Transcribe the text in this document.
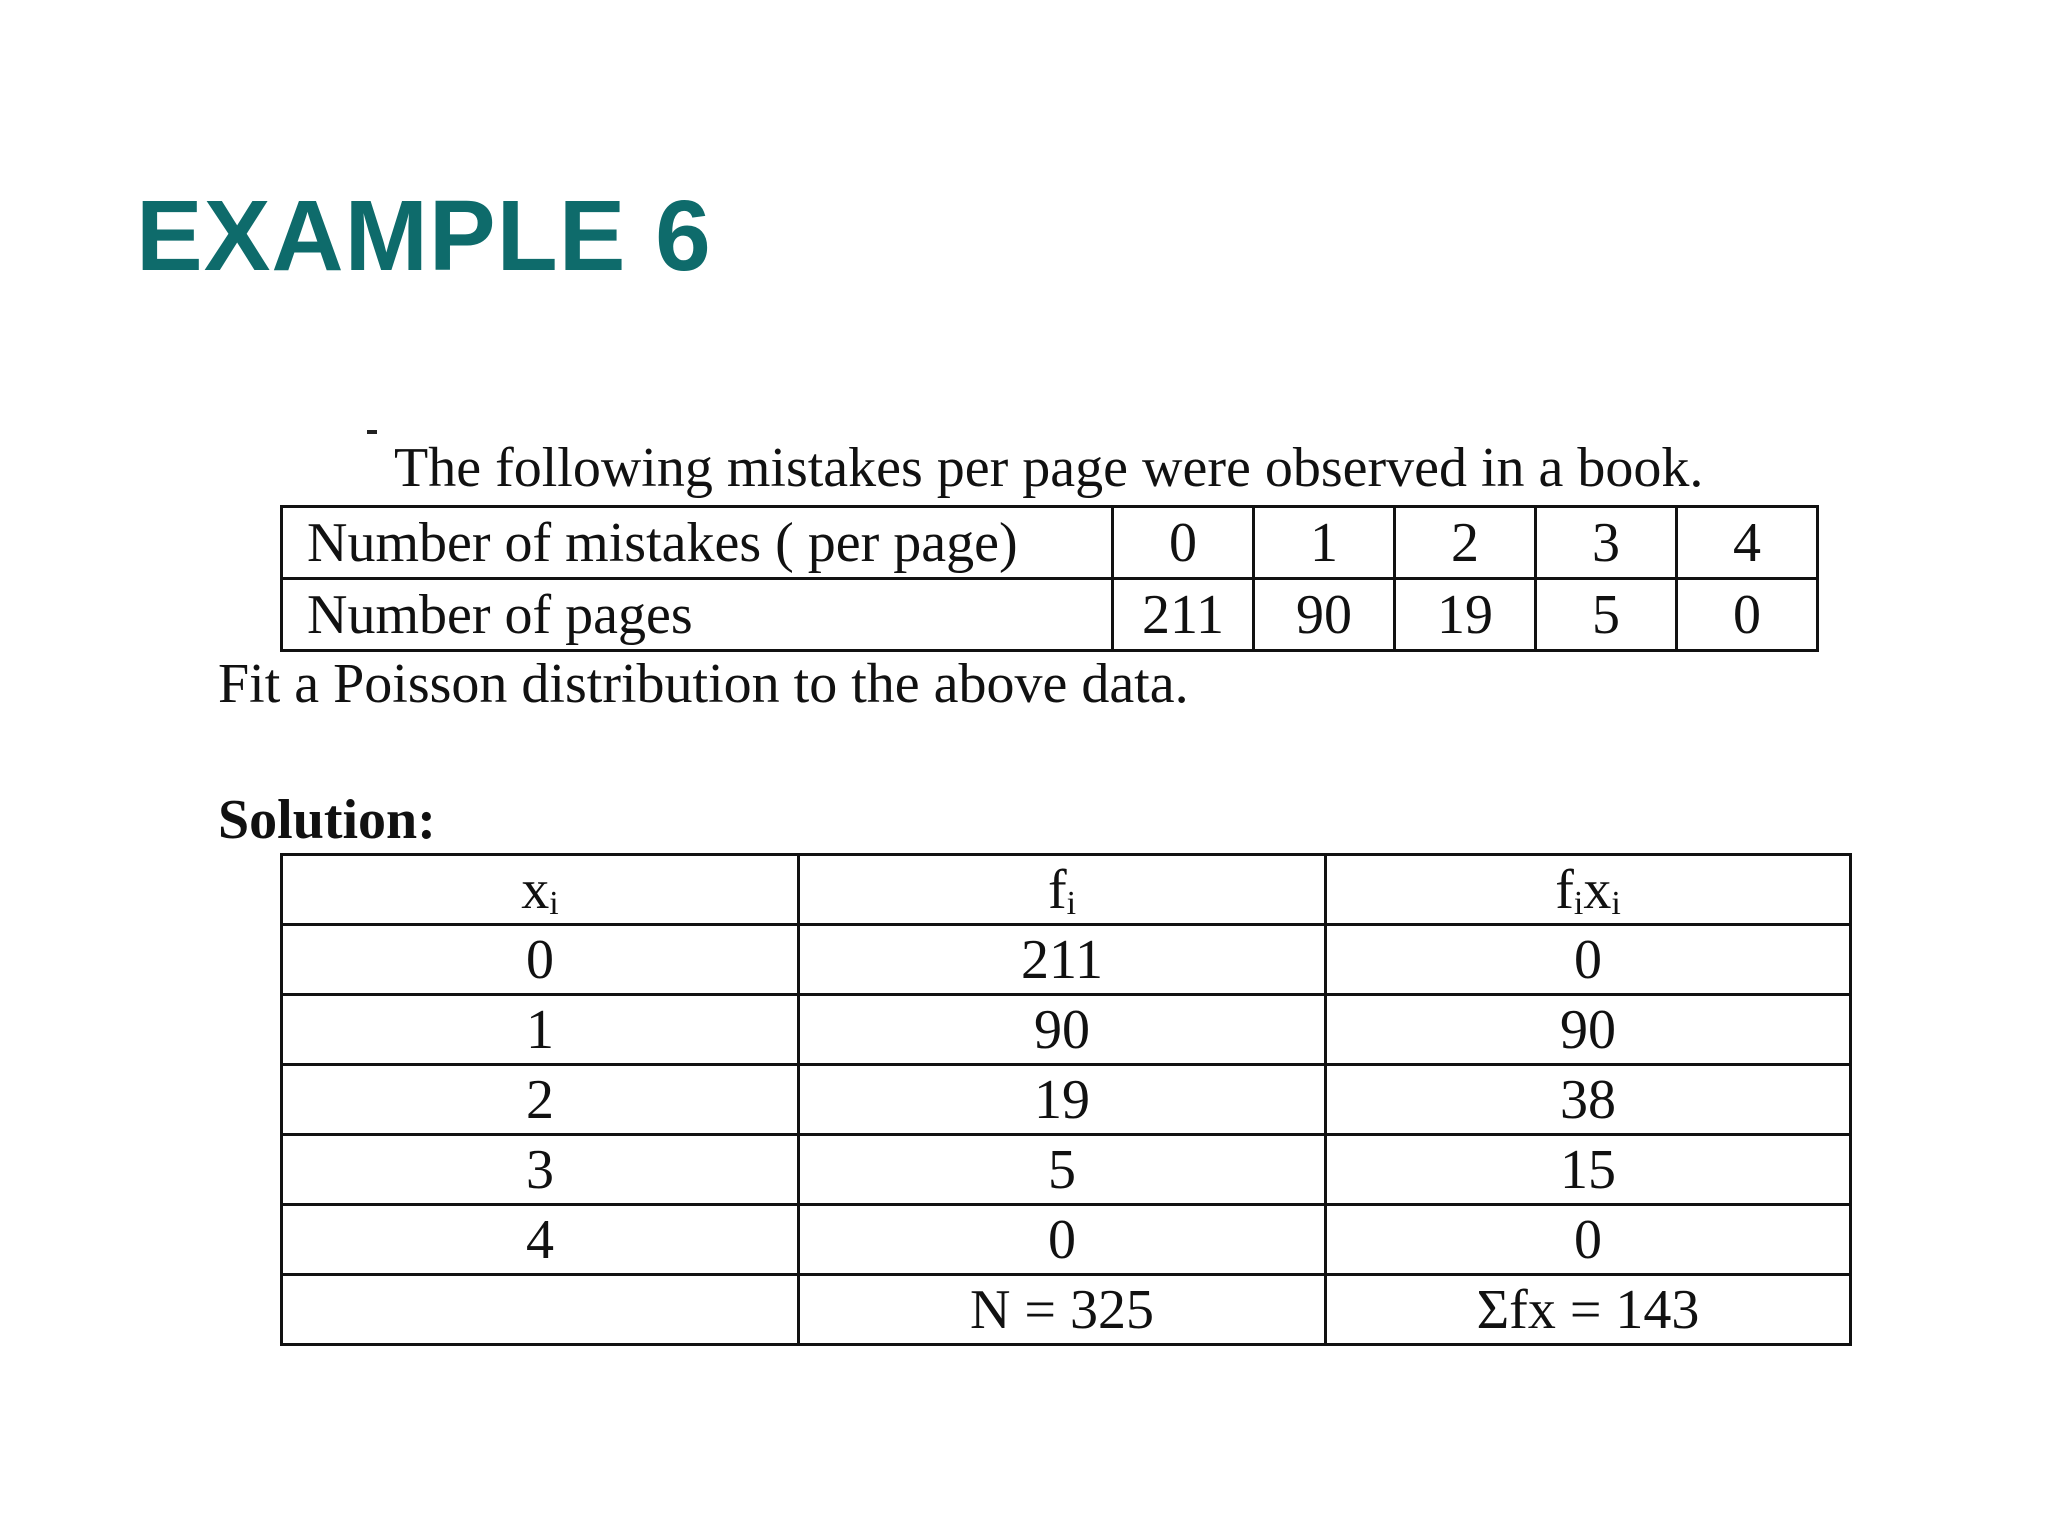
EXAMPLE 6
The following mistakes per page were observed in a book.
Number of mistakes ( per page)	0	1	2	3	4
Number of pages	211	90	19	5	0
Fit a Poisson distribution to the above data.
Solution:
$x_i$	$f_i$	$f_ix_i$
0	211	0
1	90	90
2	19	38
3	5	15
4	0	0
	N = 325	Σfx = 143
